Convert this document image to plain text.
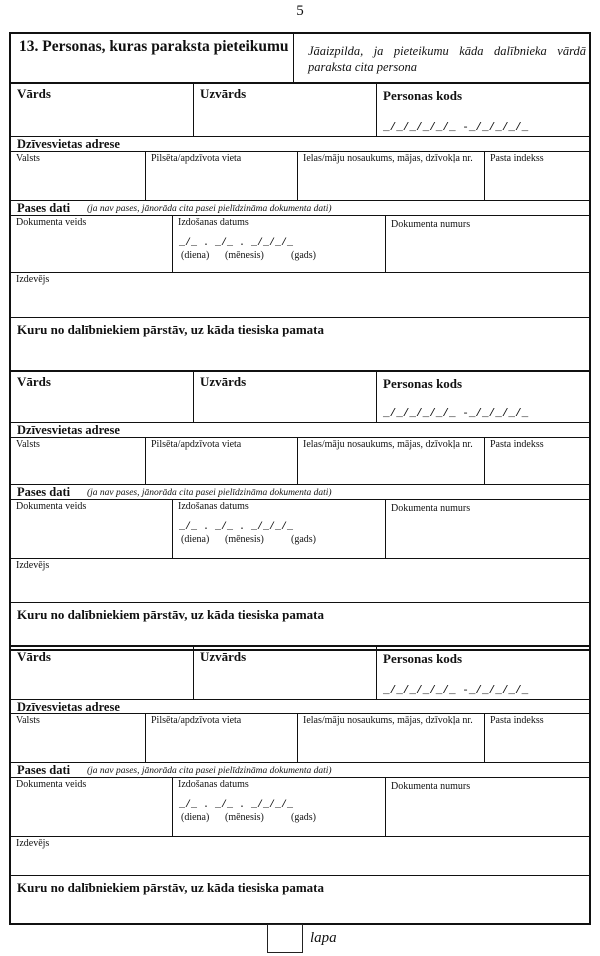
5
13. Personas, kuras paraksta pieteikumu Jāaizpilda, ja pieteikumu kāda dalībnieka vārdā paraksta cita persona
Vārds	Uzvārds	Personas kods
_/_/_/_/_/_ -_/_/_/_/_
Dzīvesvietas adrese
Valsts	Pilsēta/apdzīvota vieta	Ielas/māju nosaukums, mājas, dzīvokļa nr. Pasta indekss
Pases dati (ja nav pases, jānorāda cita pasei pielīdzināma dokumenta dati)
Dokumenta veids	Izdošanas datums
_/_ . _/_ . _/_/_/_
(diena) (mēnesis)	(gads)
Dokumenta numurs
Izdevējs
Kuru no dalībniekiem pārstāv, uz kāda tiesiska pamata
Vārds	Uzvārds	Personas kods
_/_/_/_/_/_ -_/_/_/_/_
Dzīvesvietas adrese
Valsts	Pilsēta/apdzīvota vieta	Ielas/māju nosaukums, mājas, dzīvokļa nr. Pasta indekss
Pases dati (ja nav pases, jānorāda cita pasei pielīdzināma dokumenta dati)
Dokumenta veids	Izdošanas datums
_/_ . _/_ . _/_/_/_
(diena) (mēnesis)	(gads)
Dokumenta numurs
Izdevējs
Kuru no dalībniekiem pārstāv, uz kāda tiesiska pamata
Vārds	Uzvārds	Personas kods
_/_/_/_/_/_ -_/_/_/_/_
Dzīvesvietas adrese
Valsts	Pilsēta/apdzīvota vieta	Ielas/māju nosaukums, mājas, dzīvokļa nr. Pasta indekss
Pases dati (ja nav pases, jānorāda cita pasei pielīdzināma dokumenta dati)
Dokumenta veids	Izdošanas datums
_/_ . _/_ . _/_/_/_
(diena) (mēnesis)	(gads)
Dokumenta numurs
Izdevējs
Kuru no dalībniekiem pārstāv, uz kāda tiesiska pamata
lapa
